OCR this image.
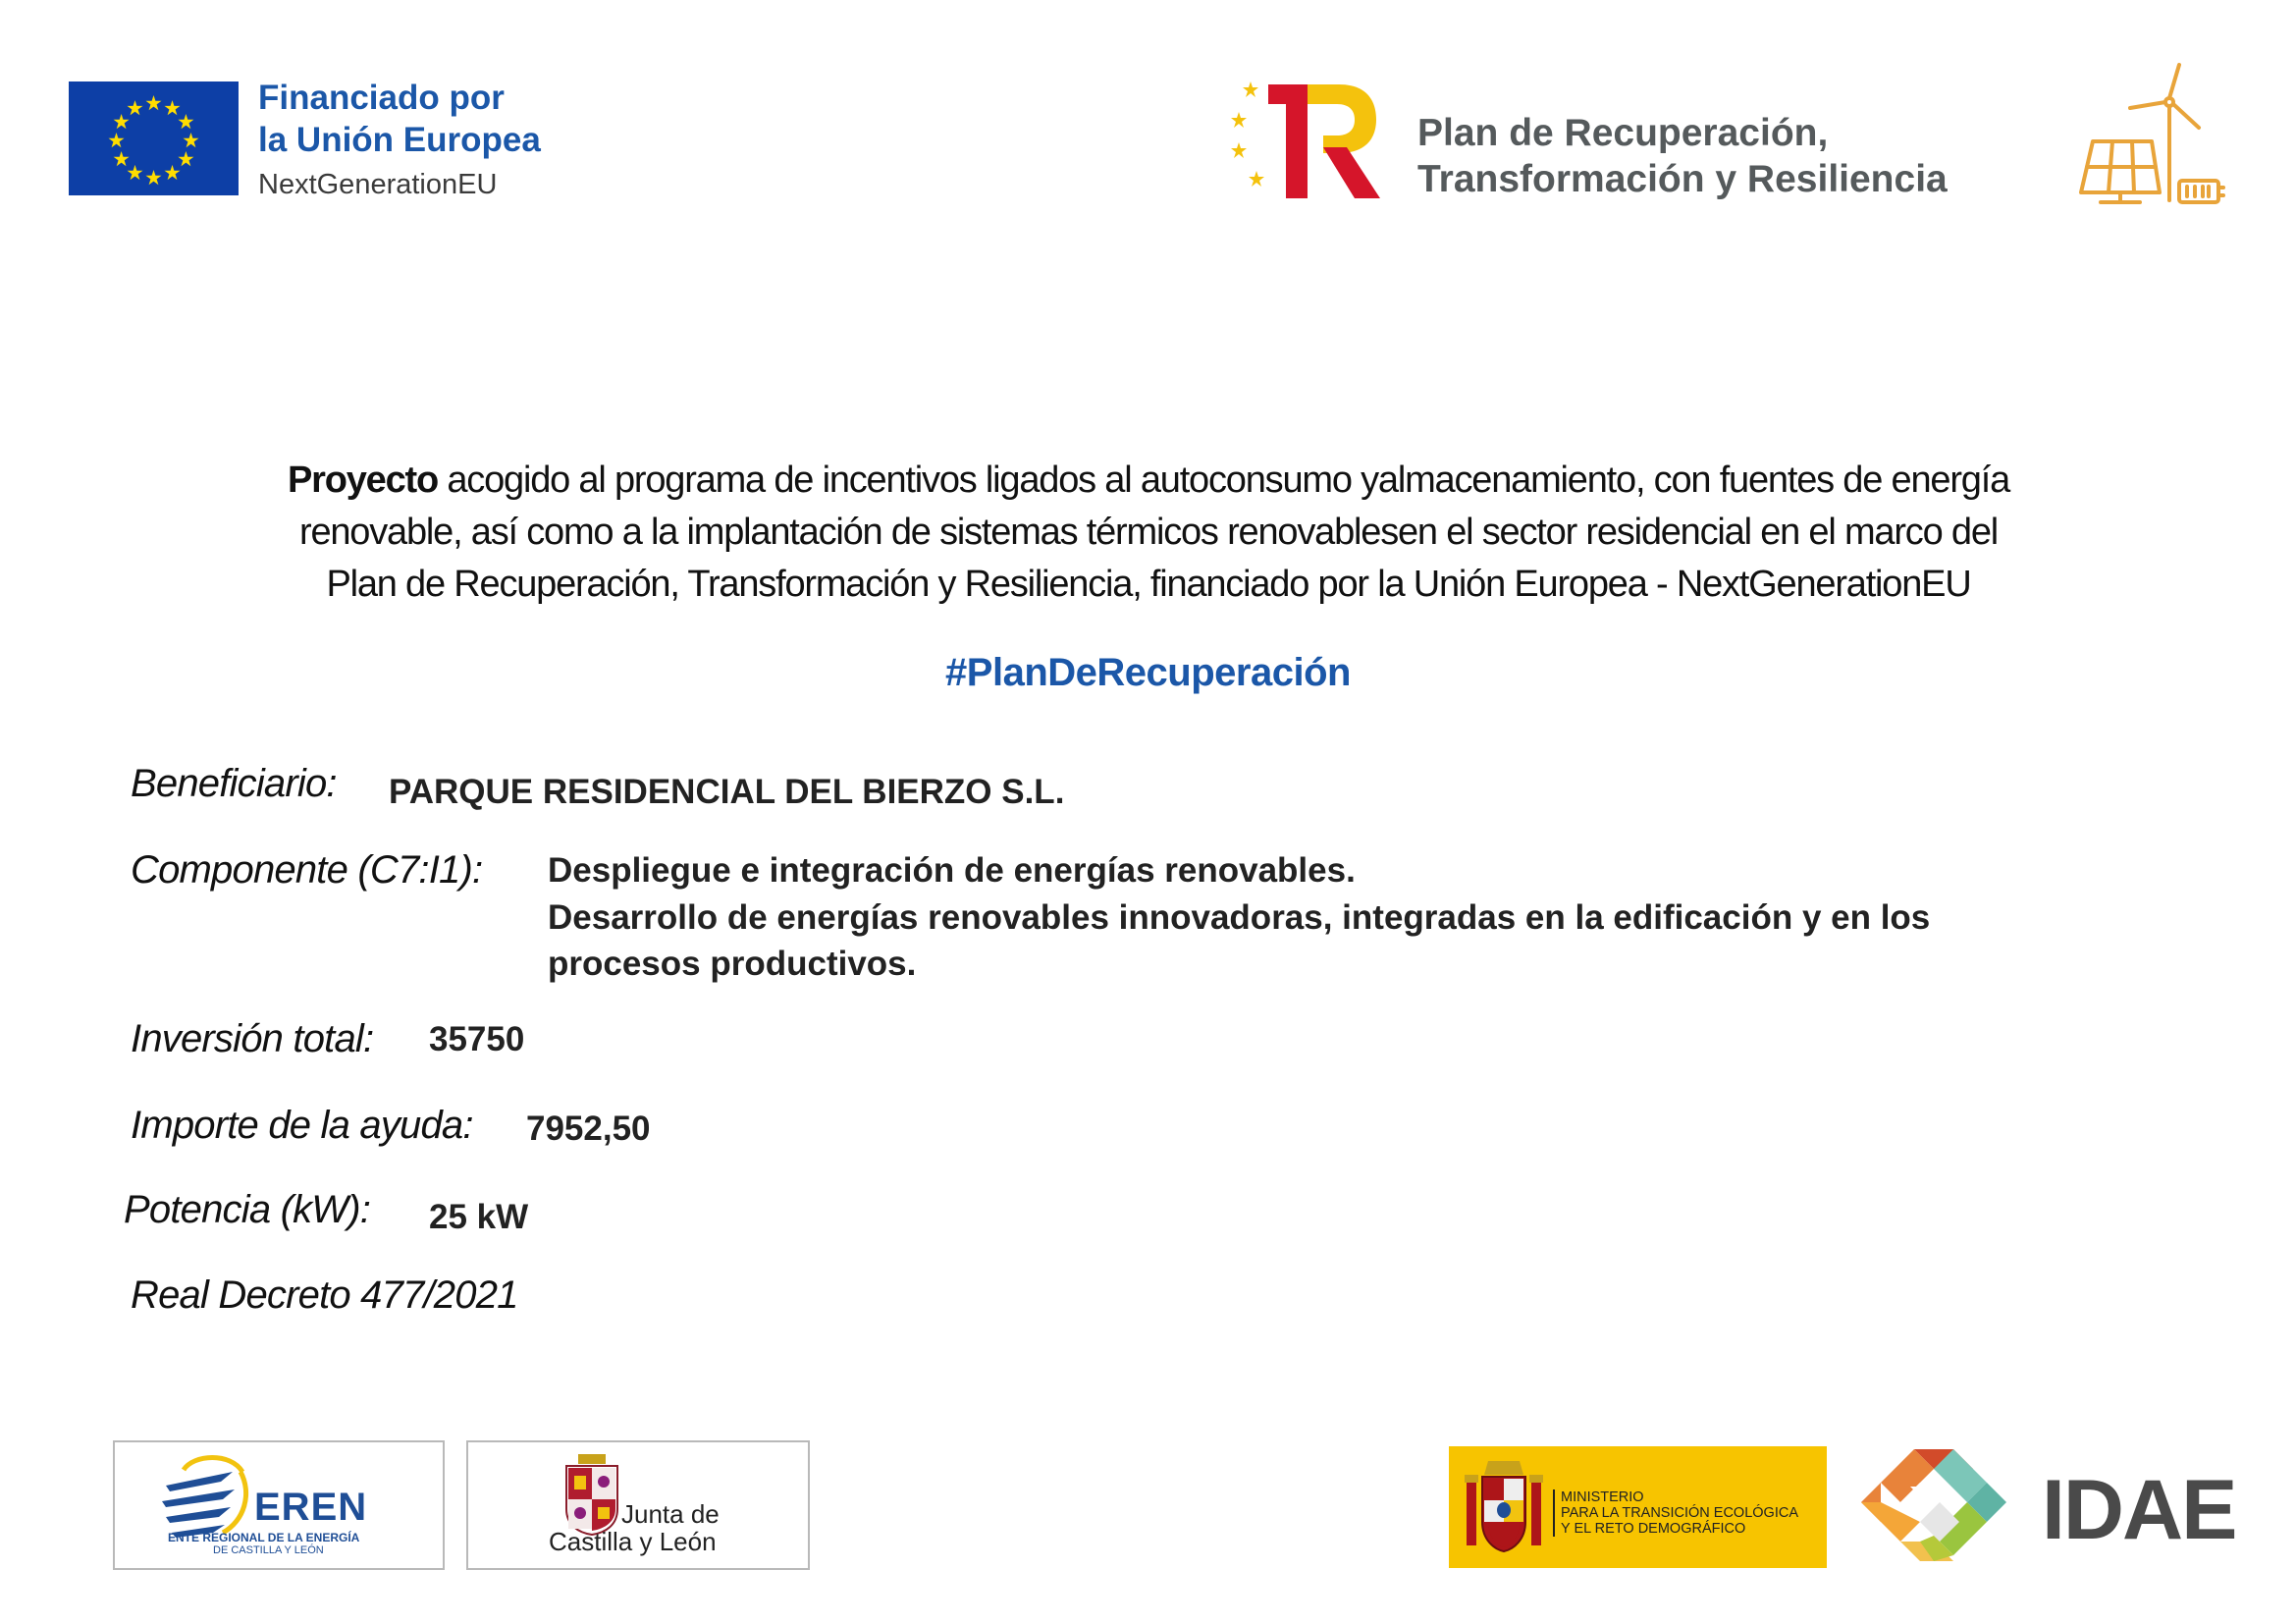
Financiado por
la Unión Europea
NextGenerationEU
Plan de Recuperación,
Transformación y Resiliencia
Proyecto acogido al programa de incentivos ligados al autoconsumo yalmacenamiento, con fuentes de energía
renovable, así como a la implantación de sistemas térmicos renovablesen el sector residencial en el marco del
Plan de Recuperación, Transformación y Resiliencia, financiado por la Unión Europea - NextGenerationEU
#PlanDeRecuperación
Beneficiario: PARQUE RESIDENCIAL DEL BIERZO S.L.
Componente (C7:I1): Despliegue e integración de energías renovables.
Desarrollo de energías renovables innovadoras, integradas en la edificación y en los
procesos productivos.
Inversión total: 35750
Importe de la ayuda: 7952,50
Potencia (kW): 25 kW
Real Decreto 477/2021
EREN
ENTE REGIONAL DE LA ENERGÍA
DE CASTILLA Y LEÓN
Junta de
Castilla y León
MINISTERIO
PARA LA TRANSICIÓN ECOLÓGICA
Y EL RETO DEMOGRÁFICO	IDAE
